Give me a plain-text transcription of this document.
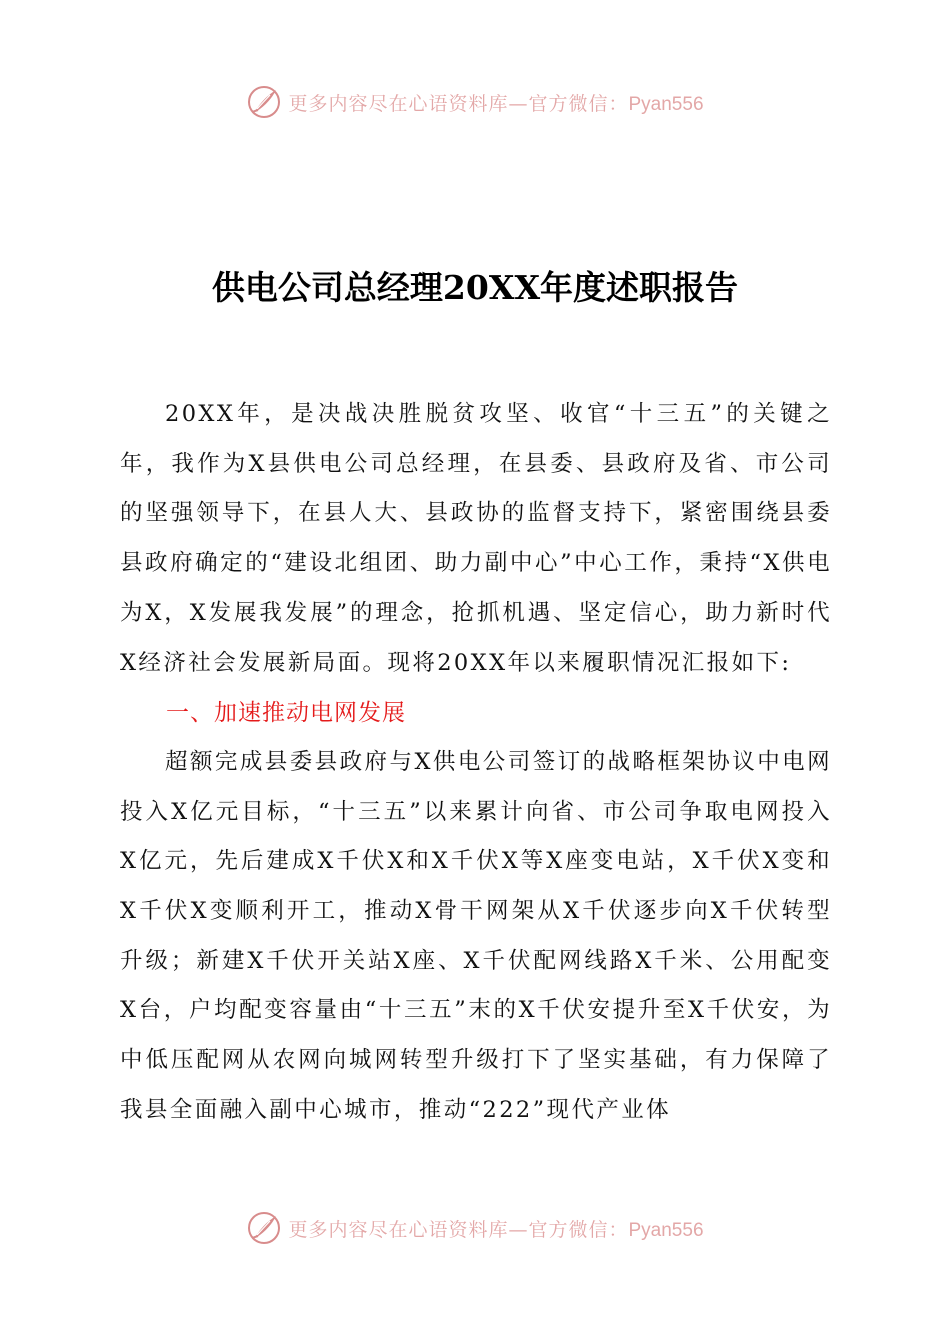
更多内容尽在心语资料库—官方微信：Pyan556
供电公司总经理20XX年度述职报告

20XX年，是决战决胜脱贫攻坚、收官“十三五”的关键之年，我作为X县供电公司总经理，在县委、县政府及省、市公司的坚强领导下，在县人大、县政协的监督支持下，紧密围绕县委县政府确定的“建设北组团、助力副中心”中心工作，秉持“X供电为X，X发展我发展”的理念，抢抓机遇、坚定信心，助力新时代X经济社会发展新局面。现将20XX年以来履职情况汇报如下:

一、加速推动电网发展

超额完成县委县政府与X供电公司签订的战略框架协议中电网投入X亿元目标，“十三五”以来累计向省、市公司争取电网投入X亿元，先后建成X千伏X和X千伏X等X座变电站，X千伏X变和X千伏X变顺利开工，推动X骨干网架从X千伏逐步向X千伏转型升级；新建X千伏开关站X座、X千伏配网线路X千米、公用配变X台，户均配变容量由“十三五”末的X千伏安提升至X千伏安，为中低压配网从农网向城网转型升级打下了坚实基础，有力保障了我县全面融入副中心城市，推动“222”现代产业体

更多内容尽在心语资料库—官方微信：Pyan556
